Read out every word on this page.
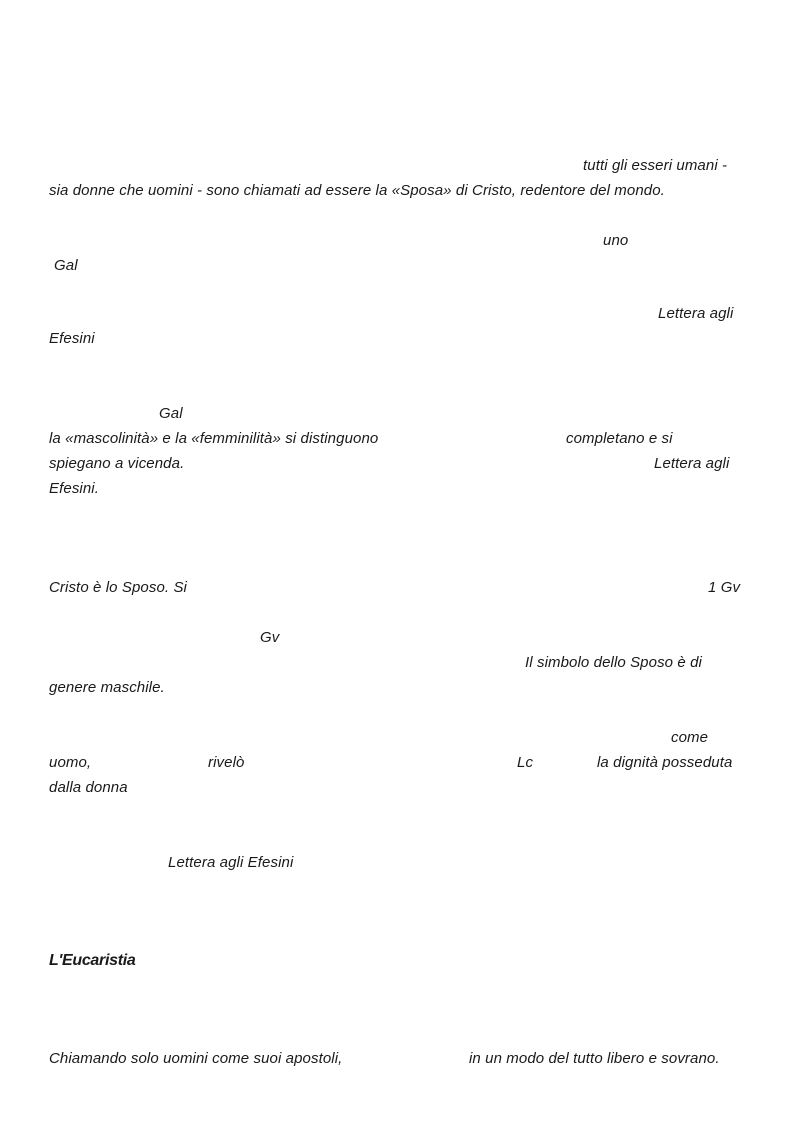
tutti gli esseri umani -
sia donne che uomini - sono chiamati ad essere la «Sposa» di Cristo, redentore del mondo.
uno
Gal
Lettera agli
Efesini
Gal
la «mascolinità» e la «femminilità» si distinguono	completano e si
spiegano a vicenda.	Lettera agli
Efesini.
Cristo è lo Sposo. Si	1 Gv
Gv
Il simbolo dello Sposo è di
genere maschile.
come
uomo,	rivelò	Lc	la dignità posseduta
dalla donna
Lettera agli Efesini
L'Eucaristia
Chiamando solo uomini come suoi apostoli,	in un modo del tutto libero e sovrano.
